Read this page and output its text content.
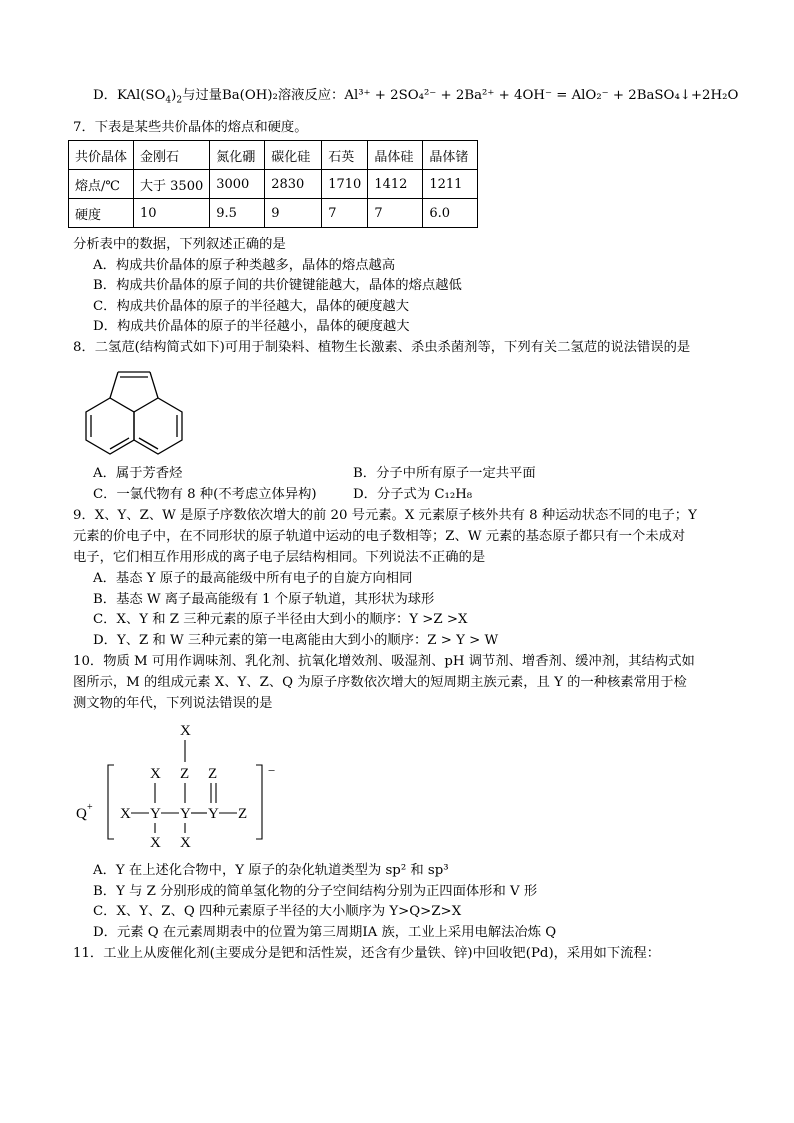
D．$KAl(SO_4)_2$与过量Ba(OH)₂溶液反应：Al³⁺ + 2SO₄²⁻ + 2Ba²⁺ + 4OH⁻ = AlO₂⁻ + 2BaSO₄↓+2H₂O
7．下表是某些共价晶体的熔点和硬度。
共价晶体	金刚石	氮化硼	碳化硅	石英	晶体硅	晶体锗
熔点/℃	大于 3500	3000	2830	1710	1412	1211
硬度	10	9.5	9	7	7	6.0
分析表中的数据，下列叙述正确的是
A．构成共价晶体的原子种类越多，晶体的熔点越高
B．构成共价晶体的原子间的共价键键能越大，晶体的熔点越低
C．构成共价晶体的原子的半径越大，晶体的硬度越大
D．构成共价晶体的原子的半径越小，晶体的硬度越大
8．二氢苊(结构简式如下)可用于制染料、植物生长激素、杀虫杀菌剂等，下列有关二氢苊的说法错误的是
A．属于芳香烃	B．分子中所有原子一定共平面
C．一氯代物有 8 种(不考虑立体异构)	D．分子式为 C₁₂H₈
9．X、Y、Z、W 是原子序数依次增大的前 20 号元素。X 元素原子核外共有 8 种运动状态不同的电子；Y
元素的价电子中，在不同形状的原子轨道中运动的电子数相等；Z、W 元素的基态原子都只有一个未成对
电子，它们相互作用形成的离子电子层结构相同。下列说法不正确的是
A．基态 Y 原子的最高能级中所有电子的自旋方向相同
B．基态 W 离子最高能级有 1 个原子轨道，其形状为球形
C．X、Y 和 Z 三种元素的原子半径由大到小的顺序：Y >Z >X
D．Y、Z 和 W 三种元素的第一电离能由大到小的顺序：Z > Y > W
10．物质 M 可用作调味剂、乳化剂、抗氧化增效剂、吸湿剂、pH 调节剂、增香剂、缓冲剂，其结构式如
图所示，M 的组成元素 X、Y、Z、Q 为原子序数依次增大的短周期主族元素，且 Y 的一种核素常用于检
测文物的年代，下列说法错误的是
Q +
X
X Z Z
X Y Y Y Z
X X
−
A．Y 在上述化合物中，Y 原子的杂化轨道类型为 sp² 和 sp³
B．Y 与 Z 分别形成的简单氢化物的分子空间结构分别为正四面体形和 V 形
C．X、Y、Z、Q 四种元素原子半径的大小顺序为 Y>Q>Z>X
D．元素 Q 在元素周期表中的位置为第三周期ⅠA 族，工业上采用电解法冶炼 Q
11．工业上从废催化剂(主要成分是钯和活性炭，还含有少量铁、锌)中回收钯(Pd)，采用如下流程：
